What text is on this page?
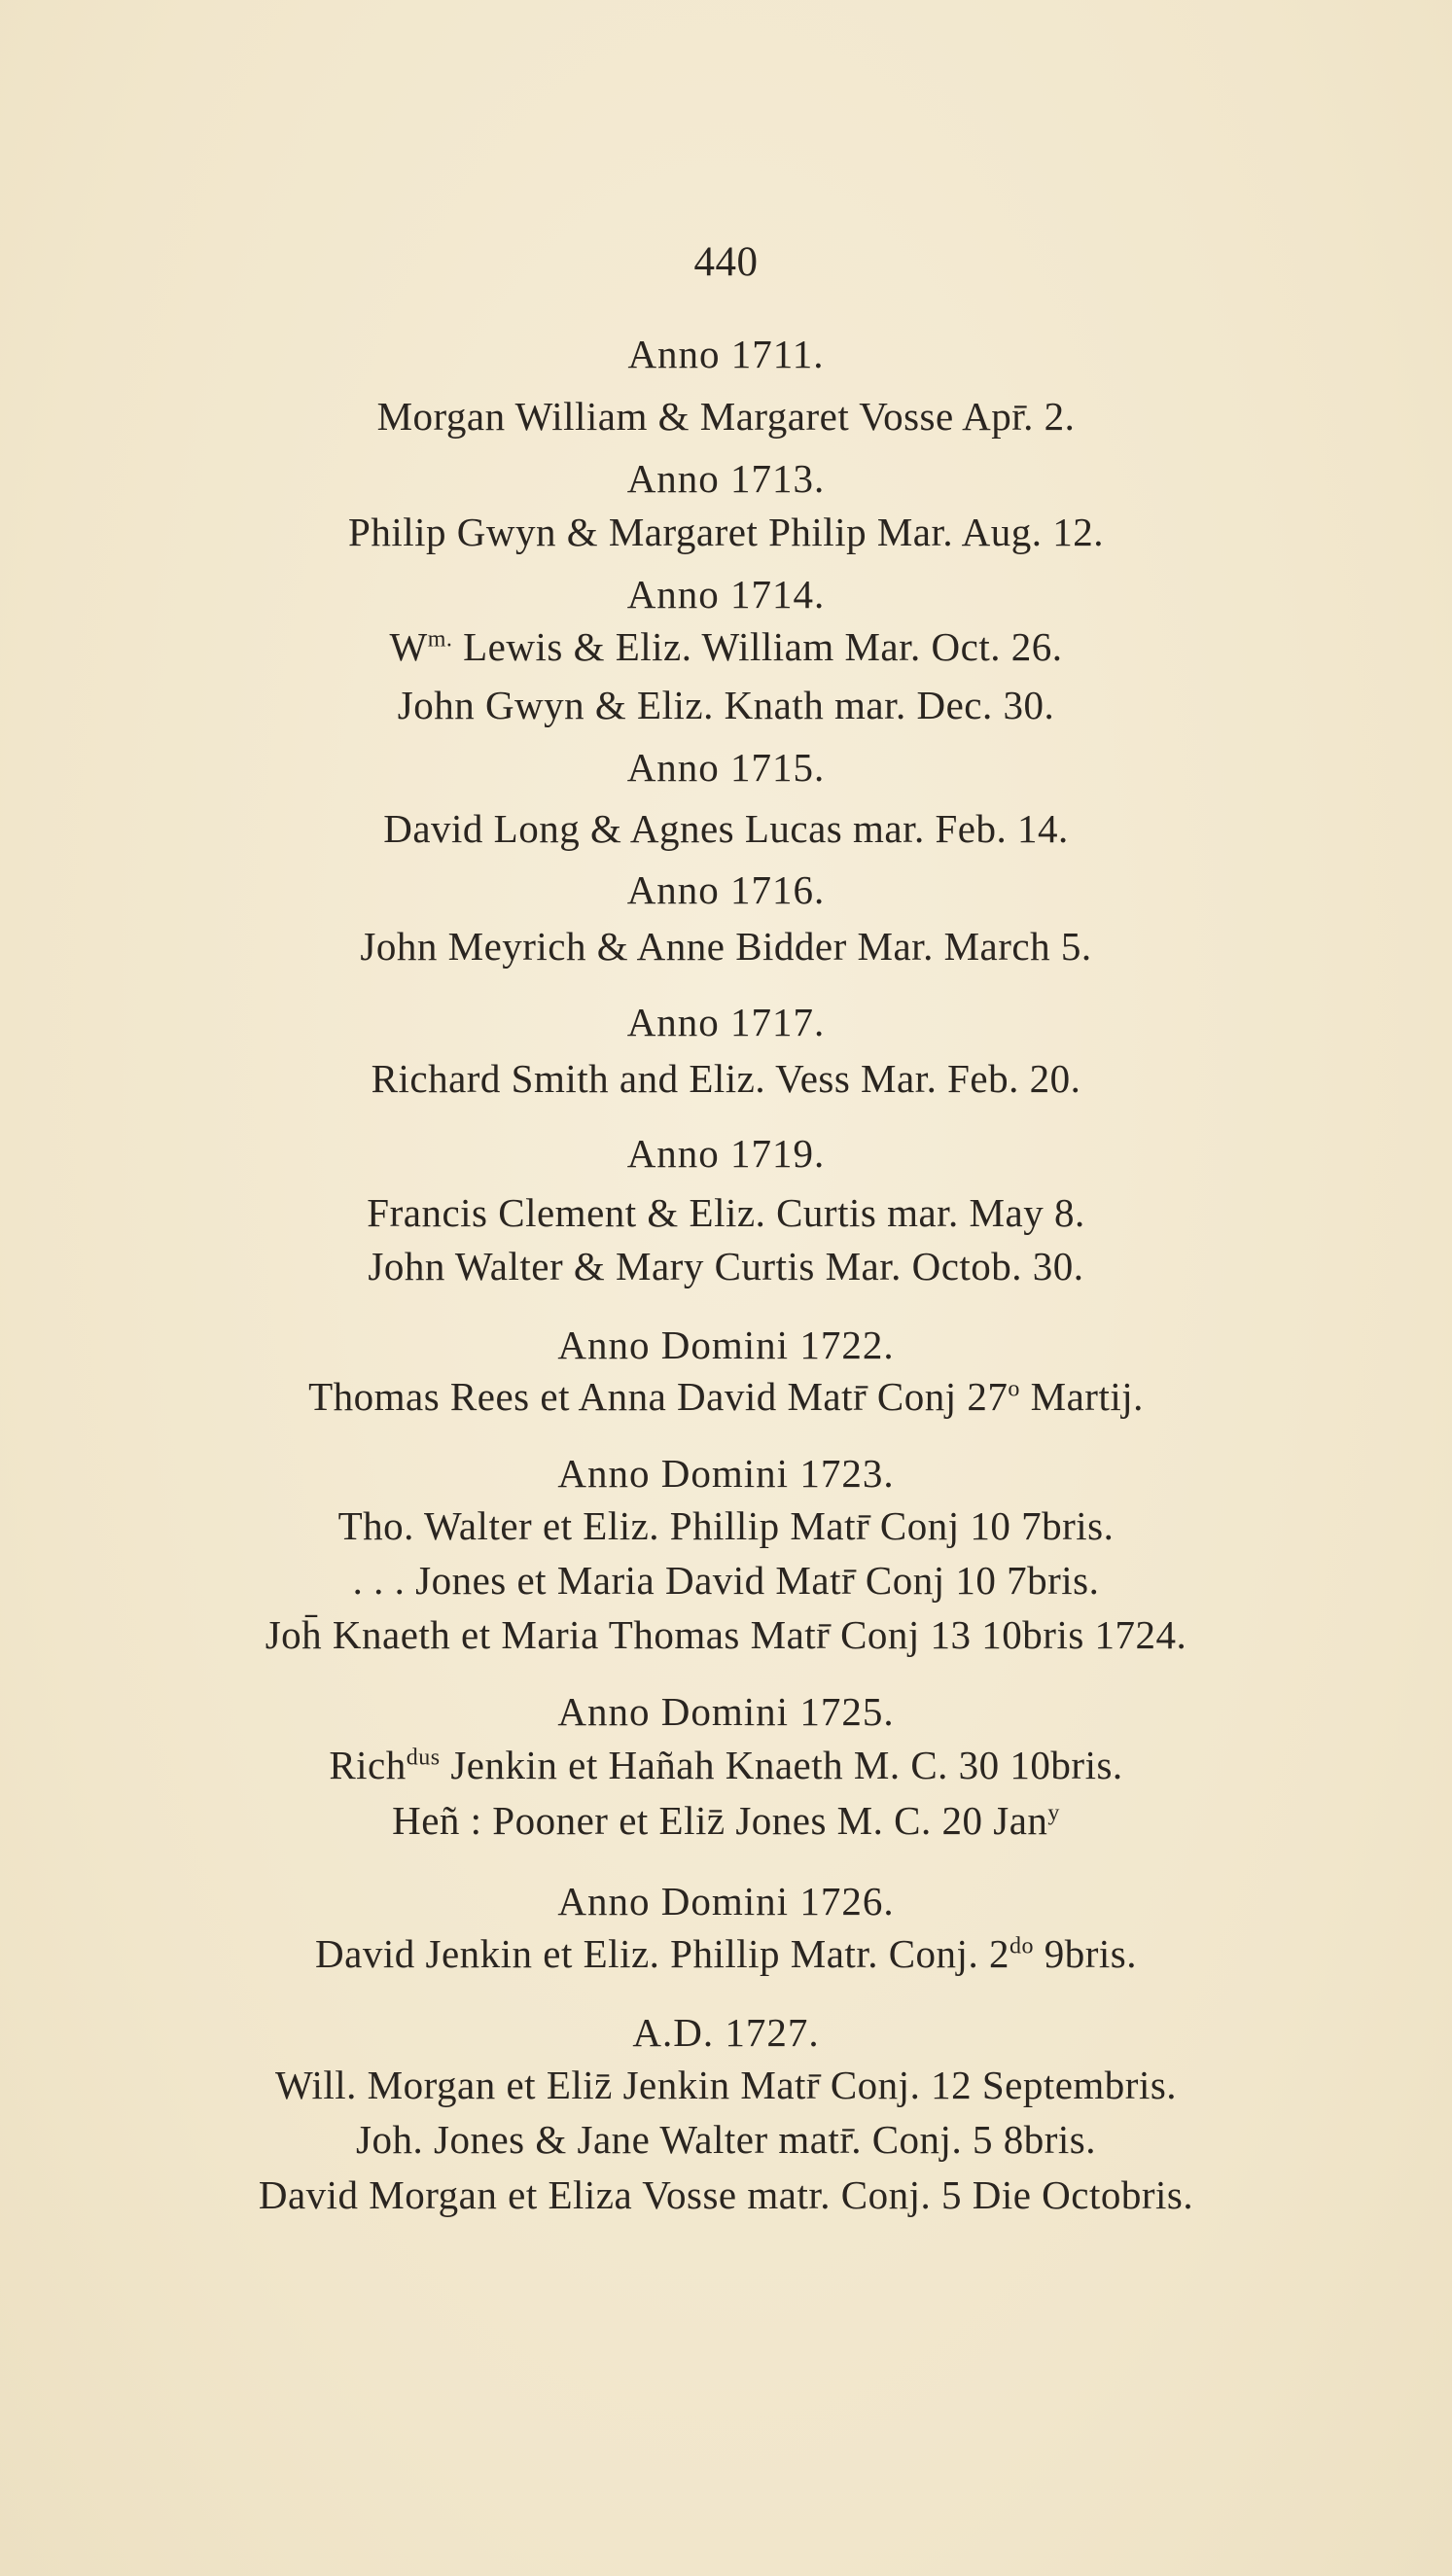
440
Anno 1711.
Morgan William & Margaret Vosse Apr̄. 2.
Anno 1713.
Philip Gwyn & Margaret Philip Mar. Aug. 12.
Anno 1714.
$W^{m.}$ Lewis & Eliz. William Mar. Oct. 26.
John Gwyn & Eliz. Knath mar. Dec. 30.
Anno 1715.
David Long & Agnes Lucas mar. Feb. 14.
Anno 1716.
John Meyrich & Anne Bidder Mar. March 5.
Anno 1717.
Richard Smith and Eliz. Vess Mar. Feb. 20.
Anno 1719.
Francis Clement & Eliz. Curtis mar. May 8.
John Walter & Mary Curtis Mar. Octob. 30.
Anno Domini 1722.
Thomas Rees et Anna David Matr̄ Conj 27$^o$ Martij.
Anno Domini 1723.
Tho. Walter et Eliz. Phillip Matr̄ Conj 10 7bris.
. . . Jones et Maria David Matr̄ Conj 10 7bris.
Joh̄ Knaeth et Maria Thomas Matr̄ Conj 13 10bris 1724.
Anno Domini 1725.
Rich$^{dus}$ Jenkin et Hañah Knaeth M. C. 30 10bris.
Heñ : Pooner et Eliz̄ Jones M. C. 20 Jan$^y$
Anno Domini 1726.
David Jenkin et Eliz. Phillip Matr. Conj. $2^{do}$ 9bris.
A.D. 1727.
Will. Morgan et Eliz̄ Jenkin Matr̄ Conj. 12 Septembris.
Joh. Jones & Jane Walter matr̄. Conj. 5 8bris.
David Morgan et Eliza Vosse matr. Conj. 5 Die Octobris.
